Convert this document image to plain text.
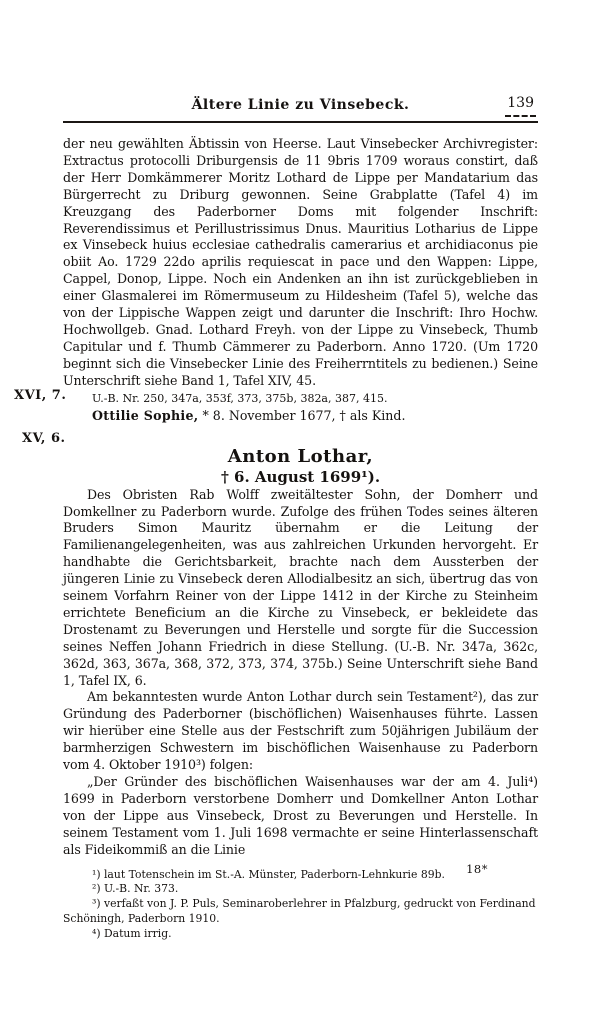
Ältere Linie zu Vinsebeck.	139

der neu gewählten Äbtissin von Heerse. Laut Vinsebecker Archivregister: Extractus protocolli Driburgensis de 11 9bris 1709 woraus constirt, daß der Herr Domkämmerer Moritz Lothard de Lippe per Mandatarium das Bürgerrecht zu Driburg gewonnen. Seine Grabplatte (Tafel 4) im Kreuzgang des Paderborner Doms mit folgender Inschrift: Reverendissimus et Perillustrissimus Dnus. Mauritius Lotharius de Lippe ex Vinsebeck huius ecclesiae cathedralis camerarius et archidiaconus pie obiit Ao. 1729 22do aprilis requiescat in pace und den Wappen: Lippe, Cappel, Donop, Lippe. Noch ein Andenken an ihn ist zurückgeblieben in einer Glasmalerei im Römermuseum zu Hildesheim (Tafel 5), welche das von der Lippische Wappen zeigt und darunter die Inschrift: Ihro Hochw. Hochwollgeb. Gnad. Lothard Freyh. von der Lippe zu Vinsebeck, Thumb Capitular und f. Thumb Cämmerer zu Paderborn. Anno 1720. (Um 1720 beginnt sich die Vinsebecker Linie des Freiherrntitels zu bedienen.) Seine Unterschrift siehe Band 1, Tafel XIV, 45.

U.-B. Nr. 250, 347a, 353f, 373, 375b, 382a, 387, 415.

Ottilie Sophie, * 8. November 1677, † als Kind.

Anton Lothar,
† 6. August 1699¹).

Des Obristen Rab Wolff zweitältester Sohn, der Domherr und Domkellner zu Paderborn wurde. Zufolge des frühen Todes seines älteren Bruders Simon Mauritz übernahm er die Leitung der Familienangelegenheiten, was aus zahlreichen Urkunden hervorgeht. Er handhabte die Gerichtsbarkeit, brachte nach dem Aussterben der jüngeren Linie zu Vinsebeck deren Allodialbesitz an sich, übertrug das von seinem Vorfahrn Reiner von der Lippe 1412 in der Kirche zu Steinheim errichtete Beneficium an die Kirche zu Vinsebeck, er bekleidete das Drostenamt zu Beverungen und Herstelle und sorgte für die Succession seines Neffen Johann Friedrich in diese Stellung. (U.-B. Nr. 347a, 362c, 362d, 363, 367a, 368, 372, 373, 374, 375b.) Seine Unterschrift siehe Band 1, Tafel IX, 6.

Am bekanntesten wurde Anton Lothar durch sein Testament²), das zur Gründung des Paderborner (bischöflichen) Waisenhauses führte. Lassen wir hierüber eine Stelle aus der Festschrift zum 50jährigen Jubiläum der barmherzigen Schwestern im bischöflichen Waisenhause zu Paderborn vom 4. Oktober 1910³) folgen:

„Der Gründer des bischöflichen Waisenhauses war der am 4. Juli⁴) 1699 in Paderborn verstorbene Domherr und Domkellner Anton Lothar von der Lippe aus Vinsebeck, Drost zu Beverungen und Herstelle. In seinem Testament vom 1. Juli 1698 vermachte er seine Hinterlassenschaft als Fideikommiß an die Linie

¹) laut Totenschein im St.-A. Münster, Paderborn-Lehnkurie 89b.

²) U.-B. Nr. 373.

³) verfaßt von J. P. Puls, Seminaroberlehrer in Pfalzburg, gedruckt von Ferdinand Schöningh, Paderborn 1910.

⁴) Datum irrig.

XVI, 7.
XV, 6.
18*
